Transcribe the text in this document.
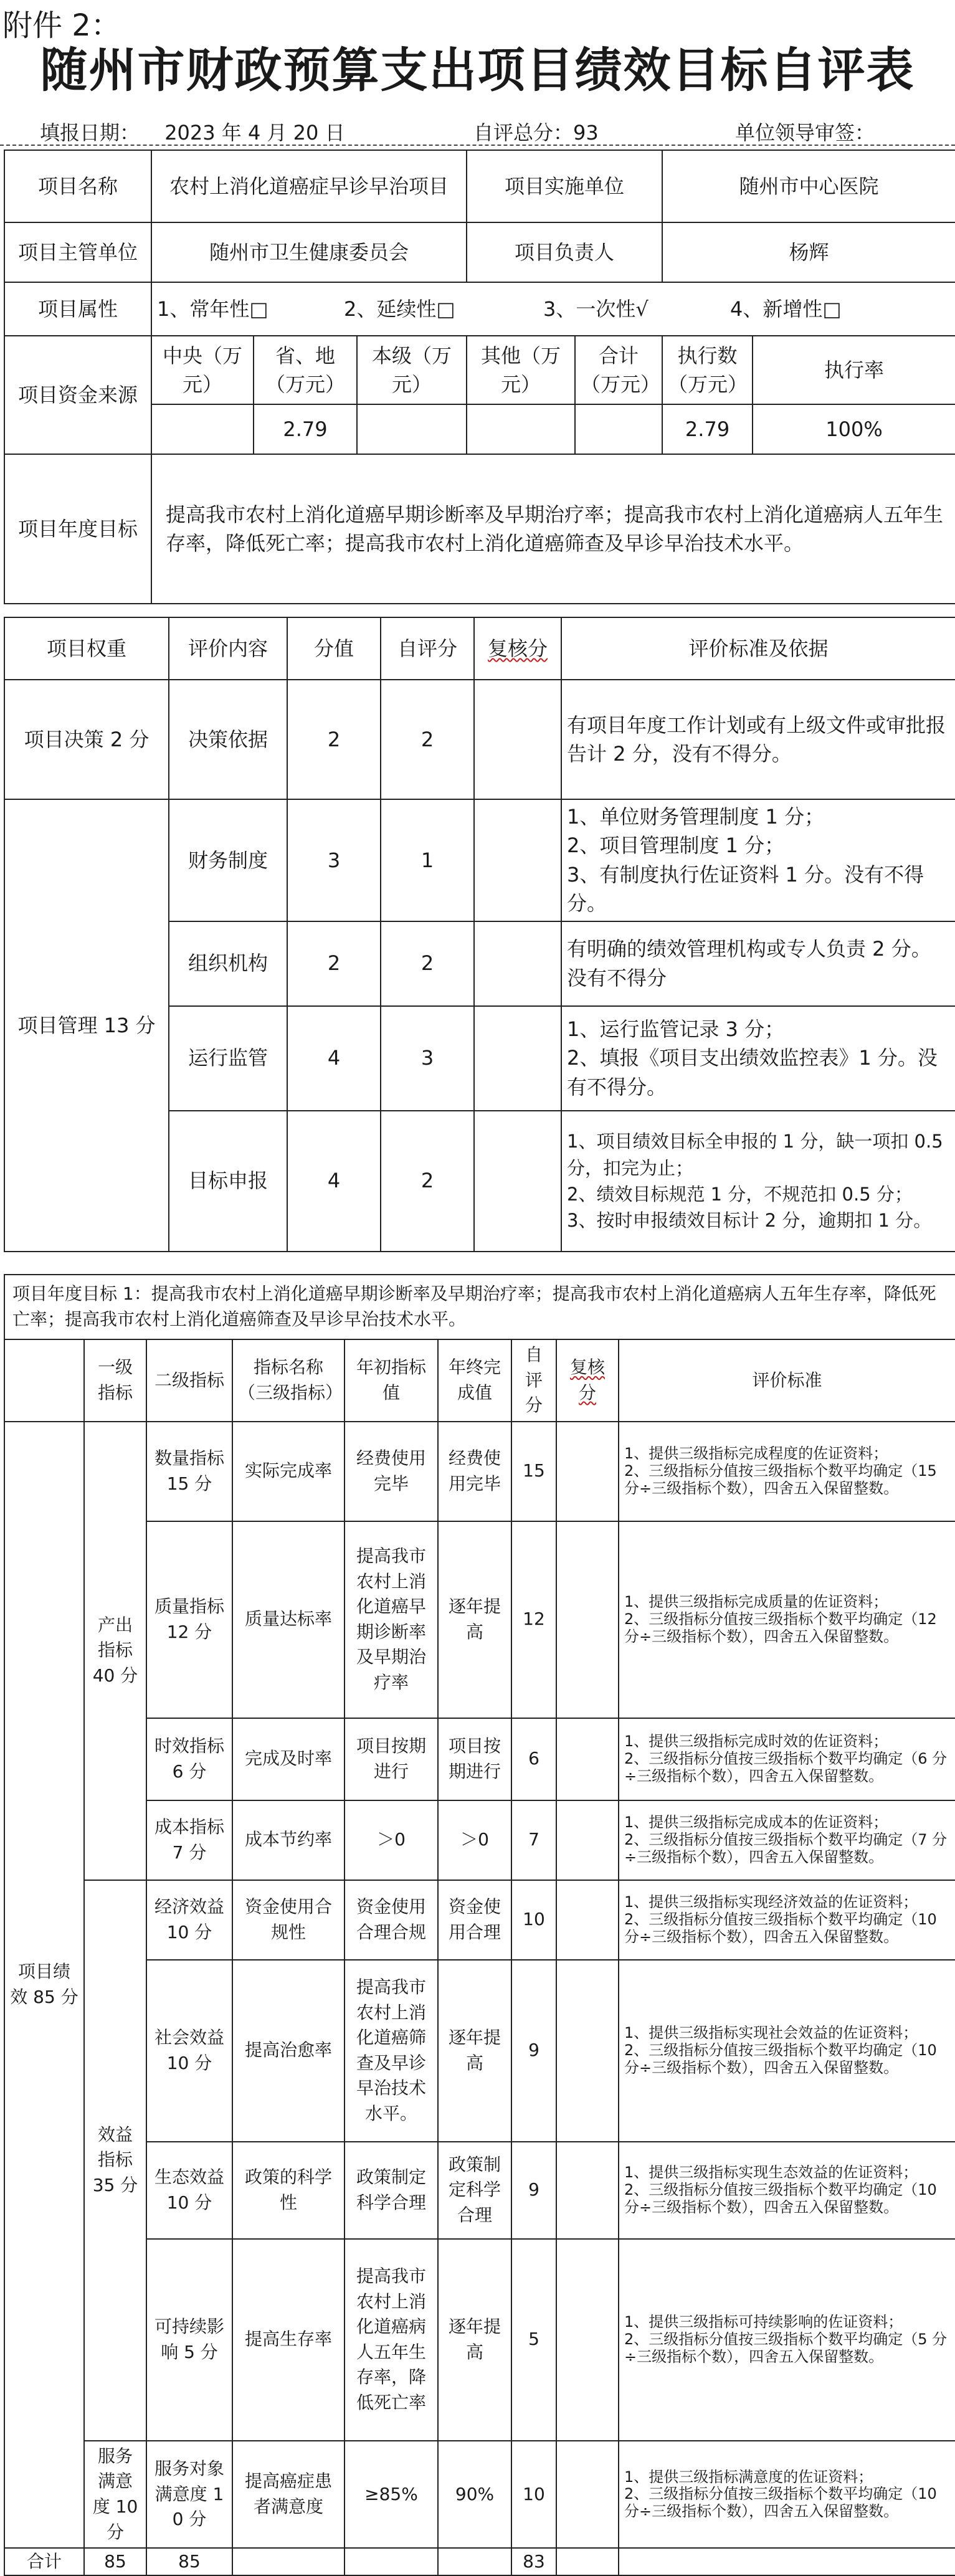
附件 2：
随州市财政预算支出项目绩效目标自评表
填报日期： 2023 年 4 月 20 日	自评总分：93	单位领导审签：
项目名称	农村上消化道癌症早诊早治项目			项目实施单位		随州市中心医院	
项目主管单位	随州市卫生健康委员会			项目负责人		杨辉	
项目属性	1、常年性□ 2、延续性□ 3、一次性√ 4、新增性□						
项目资金来源	中央（万元）	省、地（万元）	本级（万元）	其他（万元）	合计（万元）	执行数（万元）	执行率
		2.79				2.79	100%
项目年度目标	提高我市农村上消化道癌早期诊断率及早期治疗率；提高我市农村上消化道癌病人五年生存率，降低死亡率；提高我市农村上消化道癌筛查及早诊早治技术水平。						
项目权重	评价内容	分值	自评分	复核分	评价标准及依据
项目决策 2 分	决策依据	2	2		有项目年度工作计划或有上级文件或审批报告计 2 分，没有不得分。
项目管理 13 分	财务制度	3	1		1、单位财务管理制度 1 分；
2、项目管理制度 1 分；
3、有制度执行佐证资料 1 分。没有不得分。
	组织机构	2	2		有明确的绩效管理机构或专人负责 2 分。没有不得分
	运行监管	4	3		1、运行监管记录 3 分；
2、填报《项目支出绩效监控表》1 分。没有不得分。
	目标申报	4	2		1、项目绩效目标全申报的 1 分，缺一项扣 0.5 分，扣完为止；
2、绩效目标规范 1 分，不规范扣 0.5 分；
3、按时申报绩效目标计 2 分，逾期扣 1 分。
项目年度目标 1：提高我市农村上消化道癌早期诊断率及早期治疗率；提高我市农村上消化道癌病人五年生存率，降低死亡率；提高我市农村上消化道癌筛查及早诊早治技术水平。								
	一级指标	二级指标	指标名称（三级指标）	年初指标值	年终完成值	自评分	复核分	评价标准
项目绩效 85 分	产出指标 40 分	数量指标 15 分	实际完成率	经费使用完毕	经费使用完毕	15		1、提供三级指标完成程度的佐证资料；
2、三级指标分值按三级指标个数平均确定（15 分÷三级指标个数），四舍五入保留整数。
		质量指标 12 分	质量达标率	提高我市农村上消化道癌早期诊断率及早期治疗率	逐年提高	12		1、提供三级指标完成质量的佐证资料；
2、三级指标分值按三级指标个数平均确定（12 分÷三级指标个数），四舍五入保留整数。
		时效指标 6 分	完成及时率	项目按期进行	项目按期进行	6		1、提供三级指标完成时效的佐证资料；
2、三级指标分值按三级指标个数平均确定（6 分÷三级指标个数），四舍五入保留整数。
		成本指标 7 分	成本节约率	＞0	＞0	7		1、提供三级指标完成成本的佐证资料；
2、三级指标分值按三级指标个数平均确定（7 分÷三级指标个数），四舍五入保留整数。
	效益指标 35 分	经济效益 10 分	资金使用合规性	资金使用合理合规	资金使用合理	10		1、提供三级指标实现经济效益的佐证资料；
2、三级指标分值按三级指标个数平均确定（10 分÷三级指标个数），四舍五入保留整数。
		社会效益 10 分	提高治愈率	提高我市农村上消化道癌筛查及早诊早治技术水平。	逐年提高	9		1、提供三级指标实现社会效益的佐证资料；
2、三级指标分值按三级指标个数平均确定（10 分÷三级指标个数），四舍五入保留整数。
		生态效益 10 分	政策的科学性	政策制定科学合理	政策制定科学合理	9		1、提供三级指标实现生态效益的佐证资料；
2、三级指标分值按三级指标个数平均确定（10 分÷三级指标个数），四舍五入保留整数。
		可持续影响 5 分	提高生存率	提高我市农村上消化道癌病人五年生存率，降低死亡率	逐年提高	5		1、提供三级指标可持续影响的佐证资料；
2、三级指标分值按三级指标个数平均确定（5 分÷三级指标个数），四舍五入保留整数。
	服务满意度 10 分	服务对象满意度 10 分	提高癌症患者满意度	≥85%	90%	10		1、提供三级指标满意度的佐证资料；
2、三级指标分值按三级指标个数平均确定（10 分÷三级指标个数），四舍五入保留整数。
合计	85	85				83		
